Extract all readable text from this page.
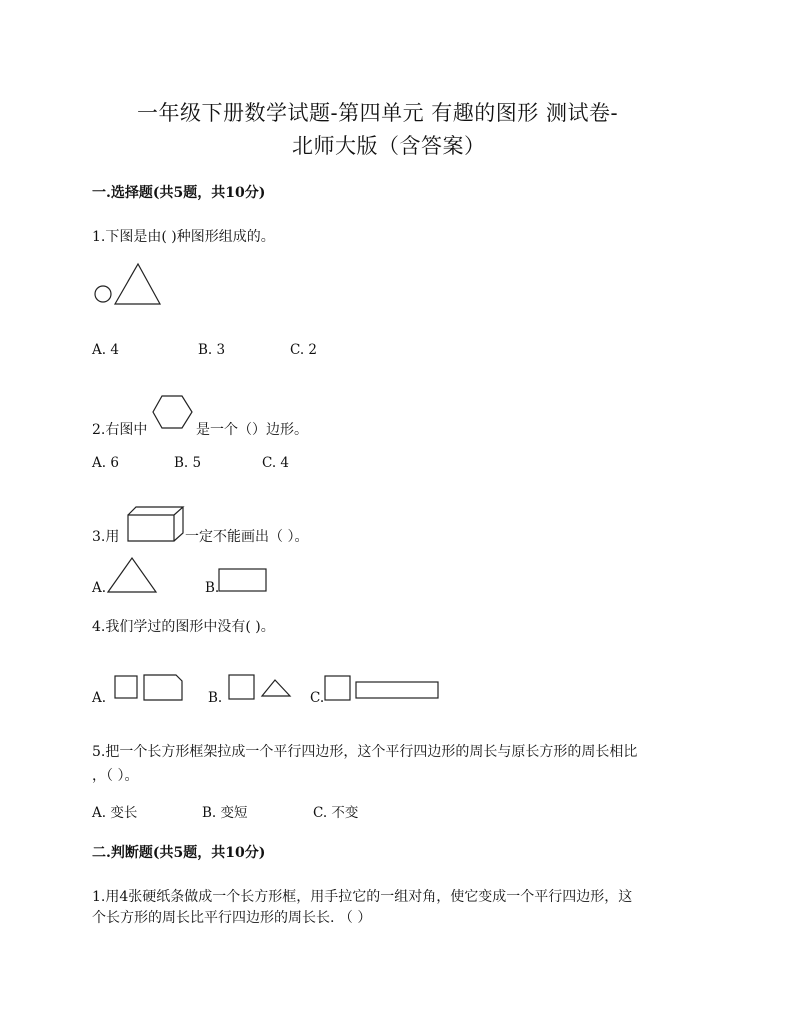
一年级下册数学试题-第四单元 有趣的图形 测试卷-
北师大版（含答案）
一.选择题(共5题，共10分)
1.下图是由( )种图形组成的。
A. 4	B. 3	C. 2
2.右图中	是一个（）边形。
A. 6	B. 5	C. 4
3.用	一定不能画出（ ）。
A.	B.
4.我们学过的图形中没有( )。
A.	B.	C.
5.把一个长方形框架拉成一个平行四边形，这个平行四边形的周长与原长方形的周长相比
，（ ）。
A. 变长	B. 变短	C. 不变
二.判断题(共5题，共10分)
1.用4张硬纸条做成一个长方形框，用手拉它的一组对角，使它变成一个平行四边形，这
个长方形的周长比平行四边形的周长长. （ ）
